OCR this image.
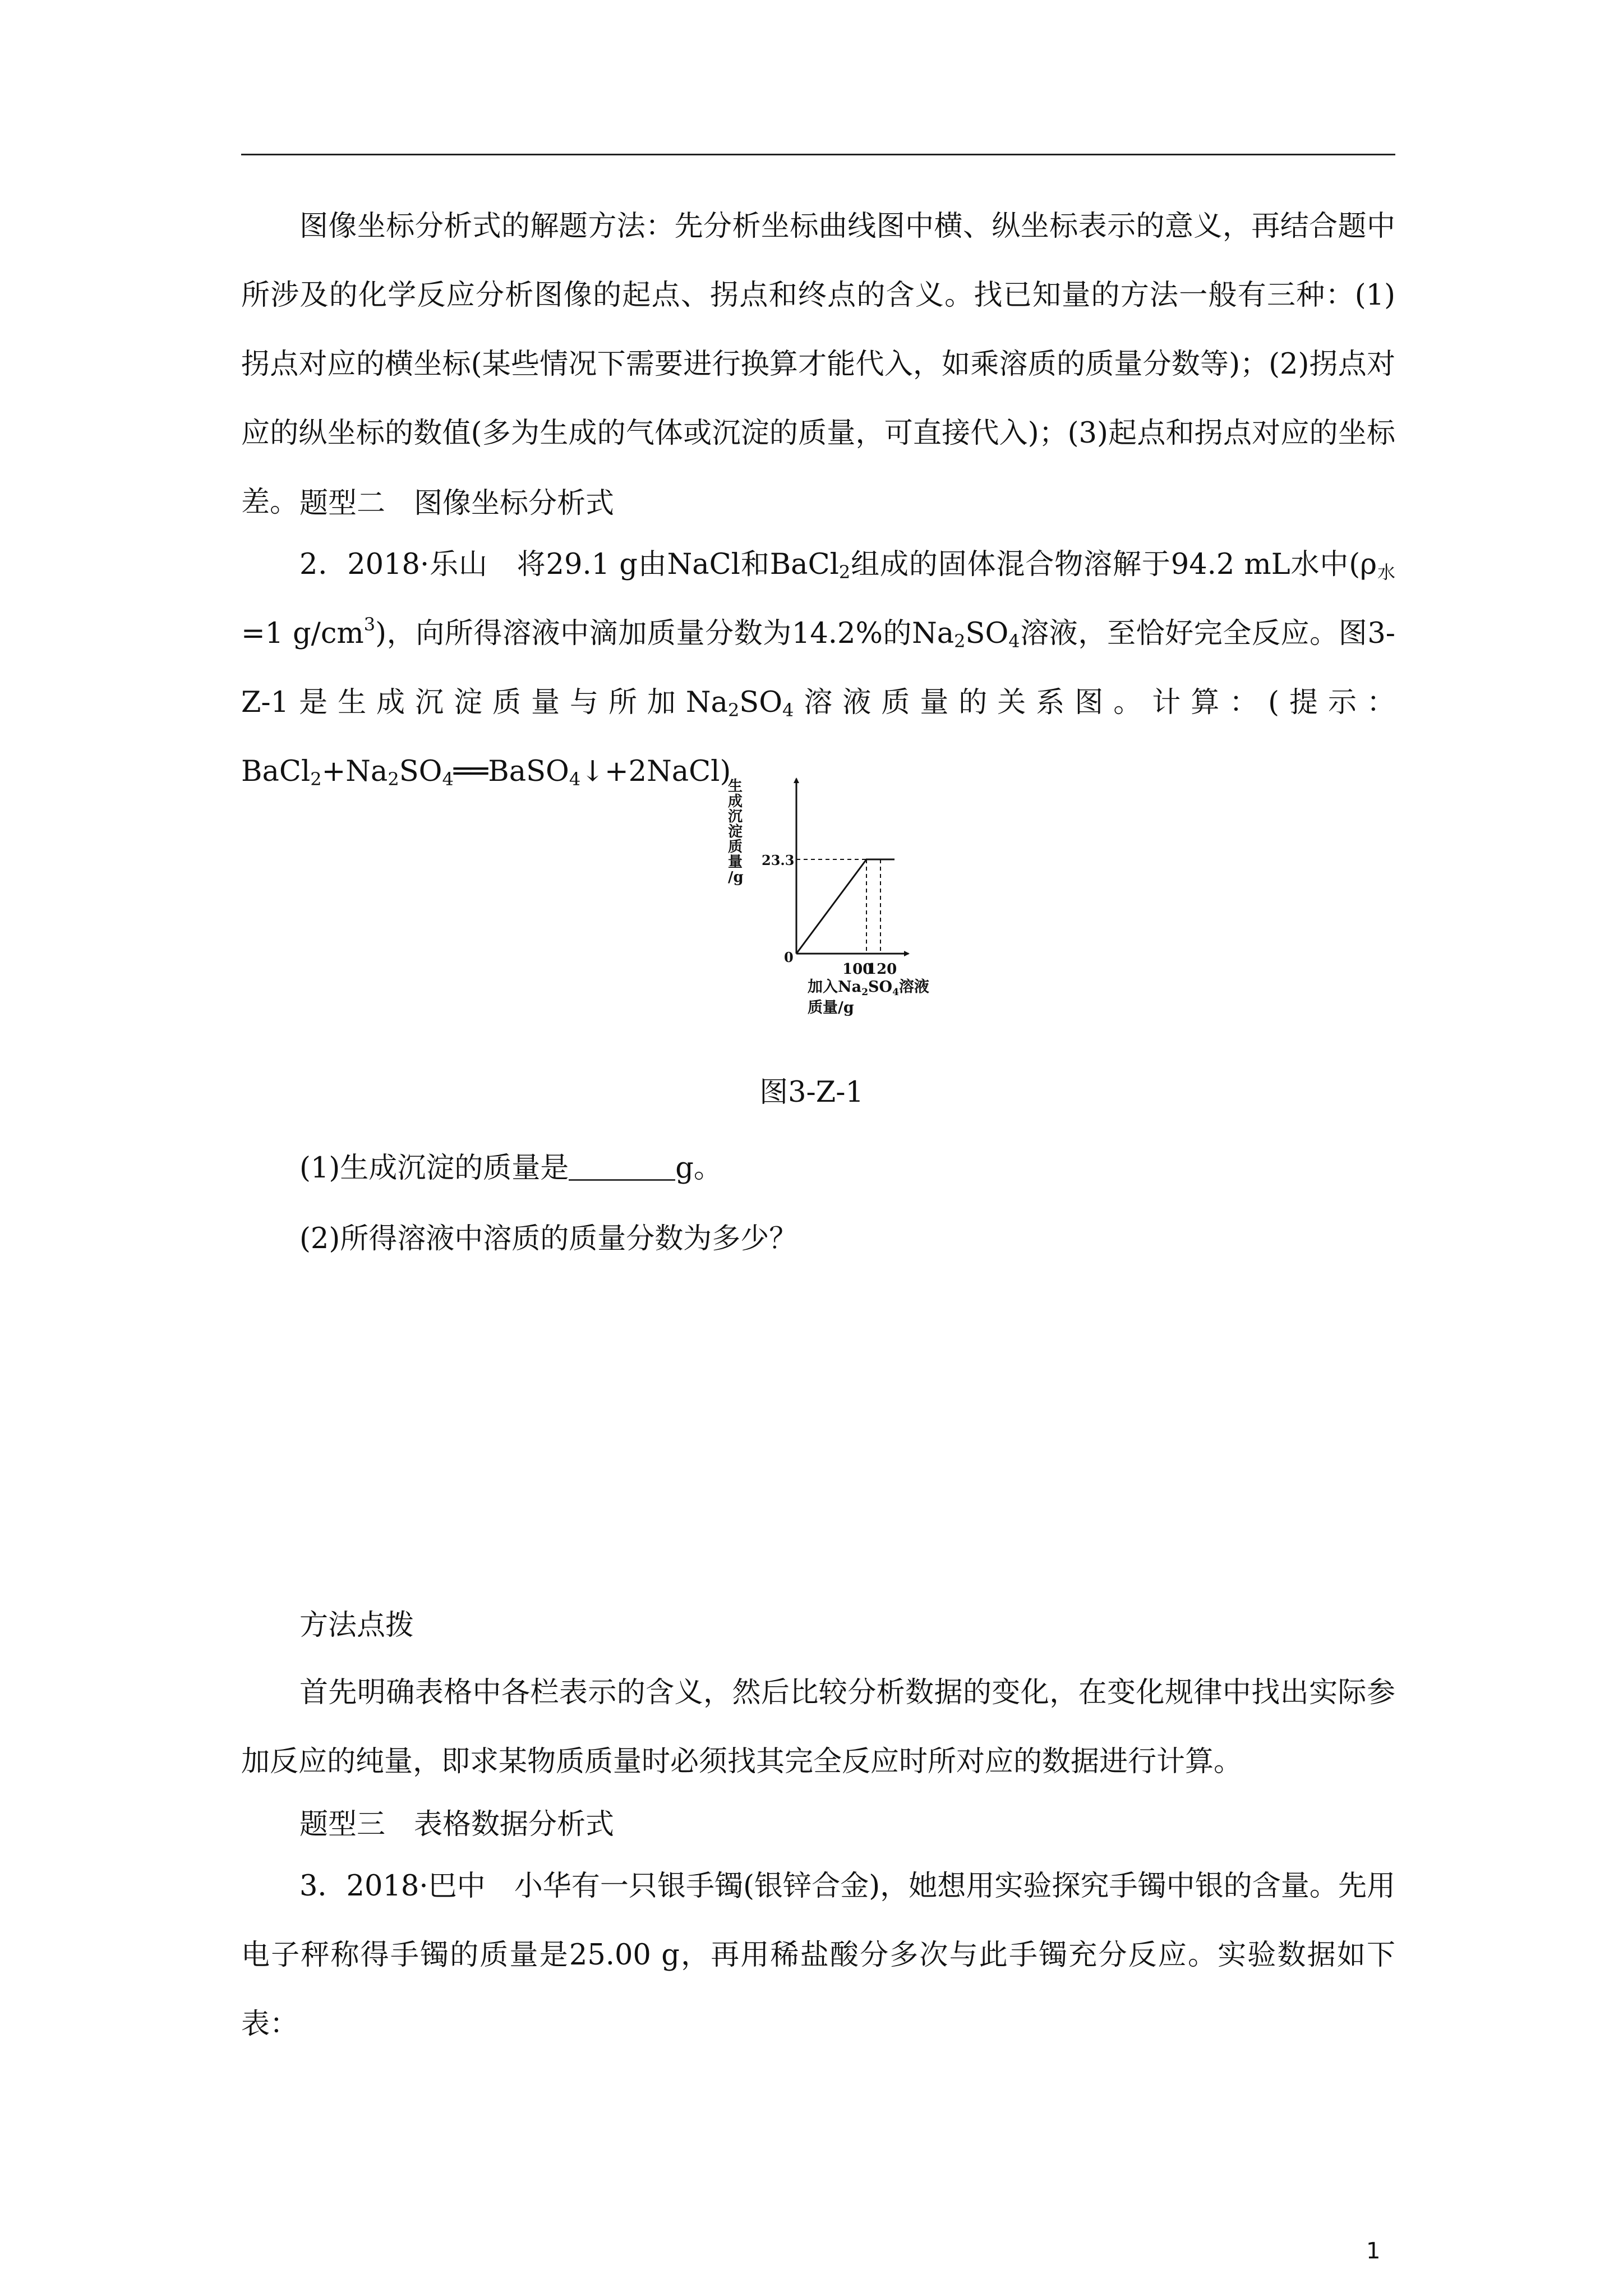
图像坐标分析式的解题方法：先分析坐标曲线图中横、纵坐标表示的意义，再结合题中所涉及的化学反应分析图像的起点、拐点和终点的含义。找已知量的方法一般有三种：(1)拐点对应的横坐标(某些情况下需要进行换算才能代入，如乘溶质的质量分数等)；(2)拐点对应的纵坐标的数值(多为生成的气体或沉淀的质量，可直接代入)；(3)起点和拐点对应的坐标差。 题型二　图像坐标分析式

2．2018·乐山　将29.1 g由NaCl和BaCl$_2$组成的固体混合物溶解于94.2 mL水中($\rho_水=1$ $g/cm^3$)，向所得溶液中滴加质量分数为14.2%的$Na_2SO_4$溶液，至恰好完全反应。图3-Z-1是生成沉淀质量与所加$Na_2SO_4$溶液质量的关系图。计算：(提示：$BaCl_2+Na_2SO_4══BaSO_4↓+2NaCl$)

生
成
沉
淀
质
量
/g
0
23.3
100
120
加入$Na_2SO_4$溶液
质量/g

图3-Z-1

(1)生成沉淀的质量是	g。

(2)所得溶液中溶质的质量分数为多少？

方法点拨

首先明确表格中各栏表示的含义，然后比较分析数据的变化，在变化规律中找出实际参加反应的纯量，即求某物质质量时必须找其完全反应时所对应的数据进行计算。

题型三　表格数据分析式

3．2018·巴中　小华有一只银手镯(银锌合金)，她想用实验探究手镯中银的含量。先用电子秤称得手镯的质量是25.00 g，再用稀盐酸分多次与此手镯充分反应。实验数据如下表：

1
